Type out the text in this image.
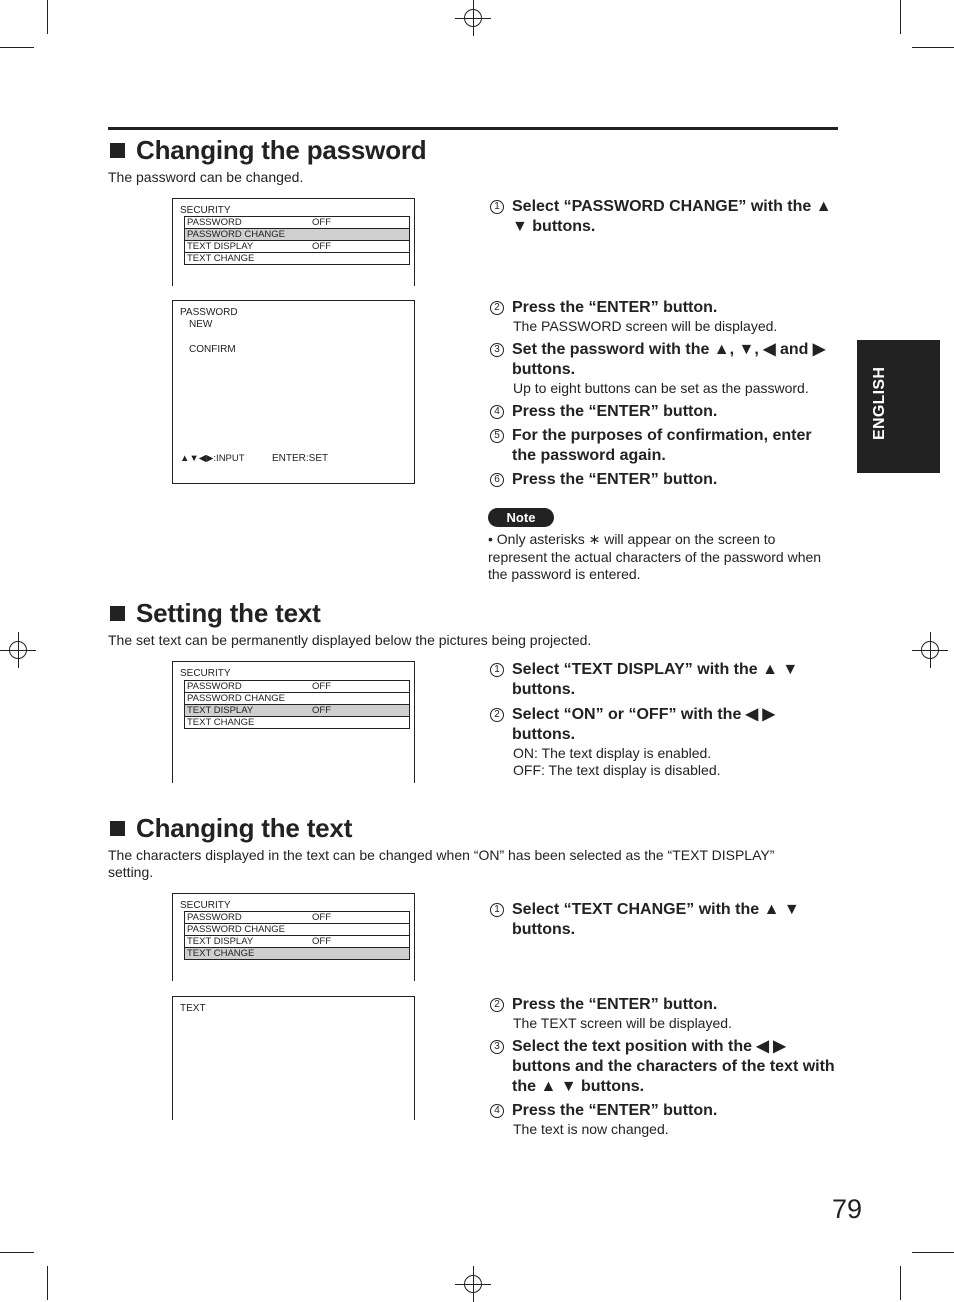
Changing the password
The password can be changed.
SECURITY
PASSWORD	OFF
PASSWORD CHANGE
TEXT DISPLAY	OFF
TEXT CHANGE
PASSWORD
NEW
CONFIRM
▲▼◀▶:INPUT	ENTER:SET
1 Select “PASSWORD CHANGE” with the ▲ ▼ buttons.
2 Press the “ENTER” button.
The PASSWORD screen will be displayed.
3 Set the password with the ▲, ▼, ◀ and ▶ buttons.
Up to eight buttons can be set as the password.
4 Press the “ENTER” button.
5 For the purposes of confirmation, enter the password again.
6 Press the “ENTER” button.
Note
• Only asterisks ∗ will appear on the screen to represent the actual characters of the password when the password is entered.
Setting the text
The set text can be permanently displayed below the pictures being projected.
SECURITY
PASSWORD	OFF
PASSWORD CHANGE
TEXT DISPLAY	OFF
TEXT CHANGE
1 Select “TEXT DISPLAY” with the ▲ ▼ buttons.
2 Select “ON” or “OFF” with the ◀ ▶ buttons.
ON: The text display is enabled.
OFF: The text display is disabled.
Changing the text
The characters displayed in the text can be changed when “ON” has been selected as the “TEXT DISPLAY” setting.
SECURITY
PASSWORD	OFF
PASSWORD CHANGE
TEXT DISPLAY	OFF
TEXT CHANGE
TEXT
1 Select “TEXT CHANGE” with the ▲ ▼ buttons.
2 Press the “ENTER” button.
The TEXT screen will be displayed.
3 Select the text position with the ◀ ▶ buttons and the characters of the text with the ▲ ▼ buttons.
4 Press the “ENTER” button.
The text is now changed.
ENGLISH
79
